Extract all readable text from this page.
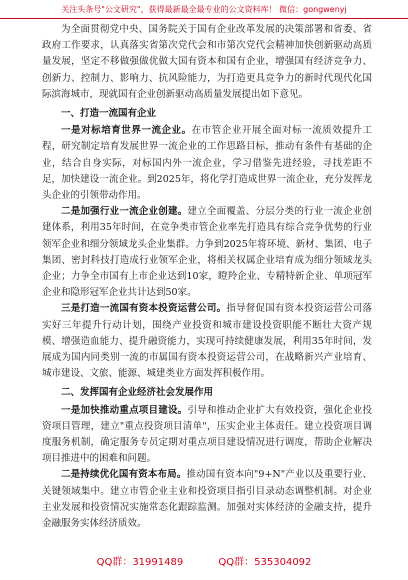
关注头条号"公文研究"，获得最新最全最专业的公文资料库！ 微信：gongwenyj

为全面贯彻党中央、国务院关于国有企业改革发展的决策部署和省委、省政府工作要求，认真落实省第次党代会和市第次党代会精神加快创新驱动高质量发展，坚定不移做强做优做大国有资本和国有企业，增强国有经济竞争力、创新力、控制力、影响力、抗风险能力，为打造更具竞争力的新时代现代化国际滨海城市，现就国有企业创新驱动高质量发展提出如下意见。

一、打造一流国有企业

一是对标培育世界一流企业。在市管企业开展全面对标一流质效提升工程，研究制定培育发展世界一流企业的工作思路目标，推动有条件有基础的企业，结合自身实际，对标国内外一流企业，学习借鉴先进经验，寻找差距不足，加快建设一流企业。到2025年，将化学打造成世界一流企业，充分发挥龙头企业的引领带动作用。

二是加强行业一流企业创建。建立全面覆盖、分层分类的行业一流企业创建体系，利用35年时间，在竞争类市管企业率先打造具有综合竞争优势的行业领军企业和细分领域龙头企业集群。力争到2025年将环境、新材、集团、电子集团、密封科技打造成行业领军企业，将相关权属企业培育成为细分领域龙头企业；力争全市国有上市企业达到10家，瞪羚企业、专精特新企业、单项冠军企业和隐形冠军企业共计达到50家。

三是打造一流国有资本投资运营公司。指导督促国有资本投资运营公司落实好三年提升行动计划，围绕产业投资和城市建设投资职能不断壮大资产规模、增强造血能力、提升融资能力，实现可持续健康发展，利用35年时间，发展成为国内同类别一流的市属国有资本投资运营公司，在战略新兴产业培育、城市建设、文旅、能源、城建类业方面发挥积极作用。

二、发挥国有企业经济社会发展作用

一是加快推动重点项目建设。引导和推动企业扩大有效投资，强化企业投资项目管理，建立"重点投资项目清单"，压实企业主体责任。建立投资项目调度服务机制，确定服务专员定期对重点项目建设情况进行调度，帮助企业解决项目推进中的困难和问题。

二是持续优化国有资本布局。推动国有资本向"9+N"产业以及重要行业、关键领域集中。建立市管企业主业和投资项目指引目录动态调整机制。对企业主业发展和投资情况实施常态化跟踪监测。加强对实体经济的金融支持，提升金融服务实体经济质效。

QQ群：31991489	QQ群：535304092
